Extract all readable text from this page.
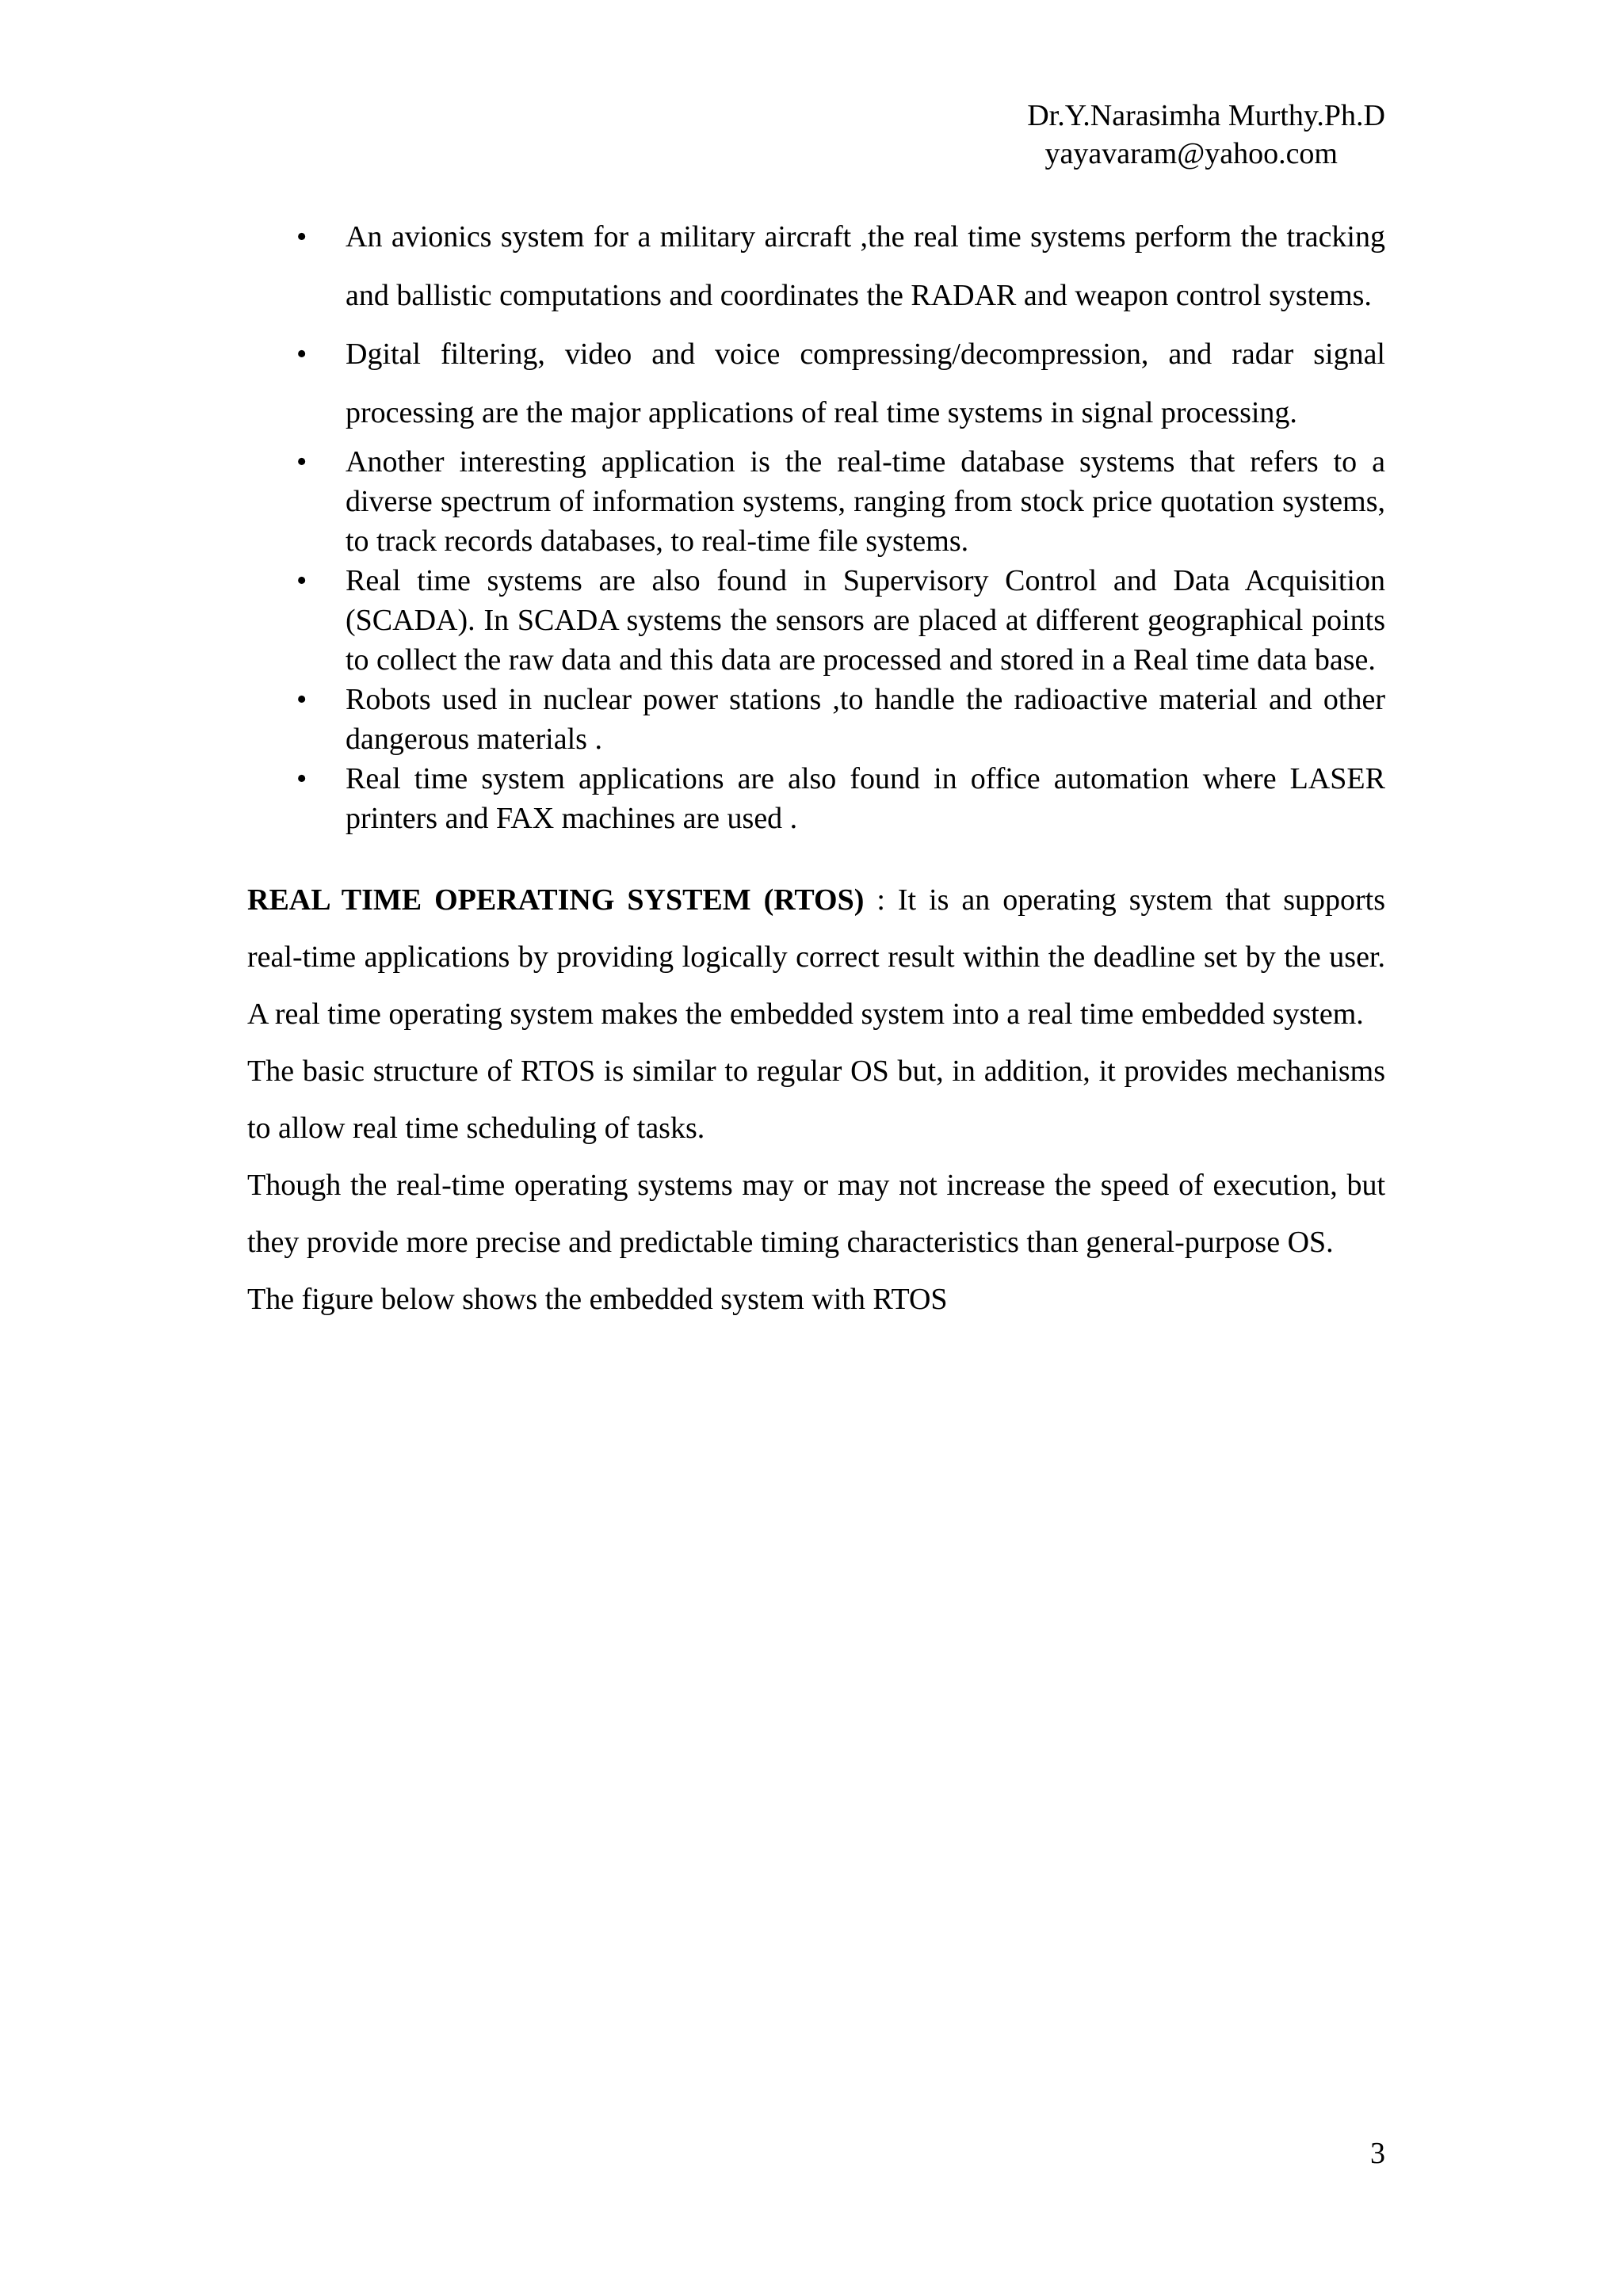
Dr.Y.Narasimha Murthy.Ph.D
yayavaram@yahoo.com
• An avionics system for a military aircraft ,the real time systems perform the tracking and ballistic computations and coordinates the RADAR and weapon control systems.
• Dgital filtering, video and voice compressing/decompression, and radar signal processing are the major applications of real time systems in signal processing.
• Another interesting application is the real-time database systems that refers to a diverse spectrum of information systems, ranging from stock price quotation systems, to track records databases, to real-time file systems.
• Real time systems are also found in Supervisory Control and Data Acquisition (SCADA). In SCADA systems the sensors are placed at different geographical points to collect the raw data and this data are processed and stored in a Real time data base.
• Robots used in nuclear power stations ,to handle the radioactive material and other dangerous materials .
• Real time system applications are also found in office automation where LASER printers and FAX machines are used .

REAL TIME OPERATING SYSTEM (RTOS) : It is an operating system that supports real-time applications by providing logically correct result within the deadline set by the user. A real time operating system makes the embedded system into a real time embedded system.

The basic structure of RTOS is similar to regular OS but, in addition, it provides mechanisms to allow real time scheduling of tasks.

Though the real-time operating systems may or may not increase the speed of execution, but they provide more precise and predictable timing characteristics than general-purpose OS.

The figure below shows the embedded system with RTOS

3
